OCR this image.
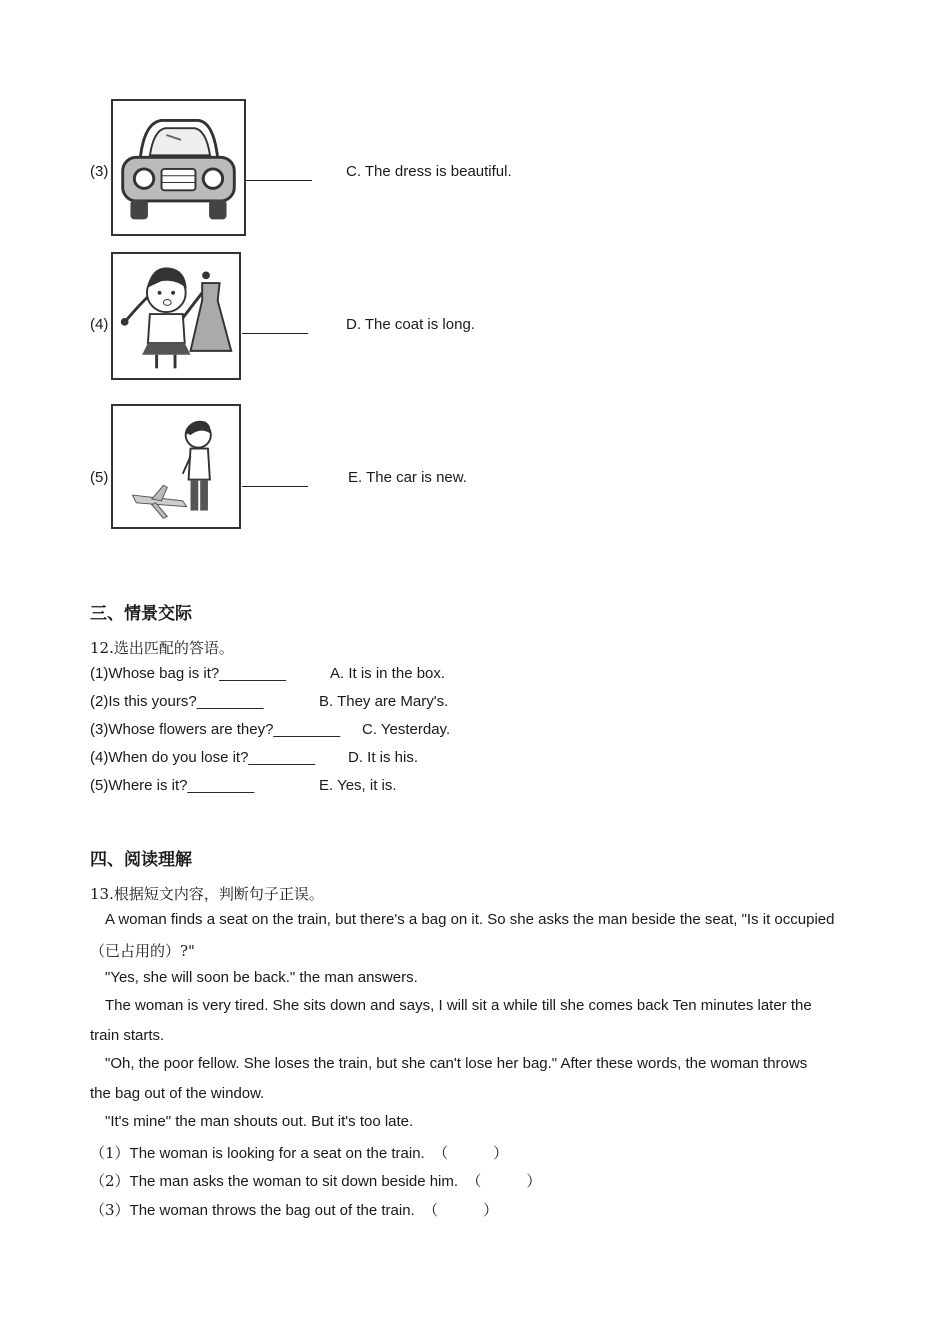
(3)	C. The dress is beautiful.
(4)	D. The coat is long.
(5)	E. The car is new.
三、情景交际
12.选出匹配的答语。
(1)Whose bag is it?________	A. It is in the box.
(2)Is this yours?________	B. They are Mary's.
(3)Whose flowers are they?________ C. Yesterday.
(4)When do you lose it?________ D. It is his.
(5)Where is it?________	E. Yes, it is.
四、阅读理解
13.根据短文内容，判断句子正误。
A woman finds a seat on the train, but there's a bag on it. So she asks the man beside the seat, "Is it occupied
（已占用的）?"
"Yes, she will soon be back." the man answers.
The woman is very tired. She sits down and says, I will sit a while till she comes back Ten minutes later the
train starts.
"Oh, the poor fellow. She loses the train, but she can't lose her bag." After these words, the woman throws
the bag out of the window.
"It's mine" the man shouts out. But it's too late.
（1）The woman is looking for a seat on the train. （　　　）
（2）The man asks the woman to sit down beside him. （　　　）
（3）The woman throws the bag out of the train. （　　　）
